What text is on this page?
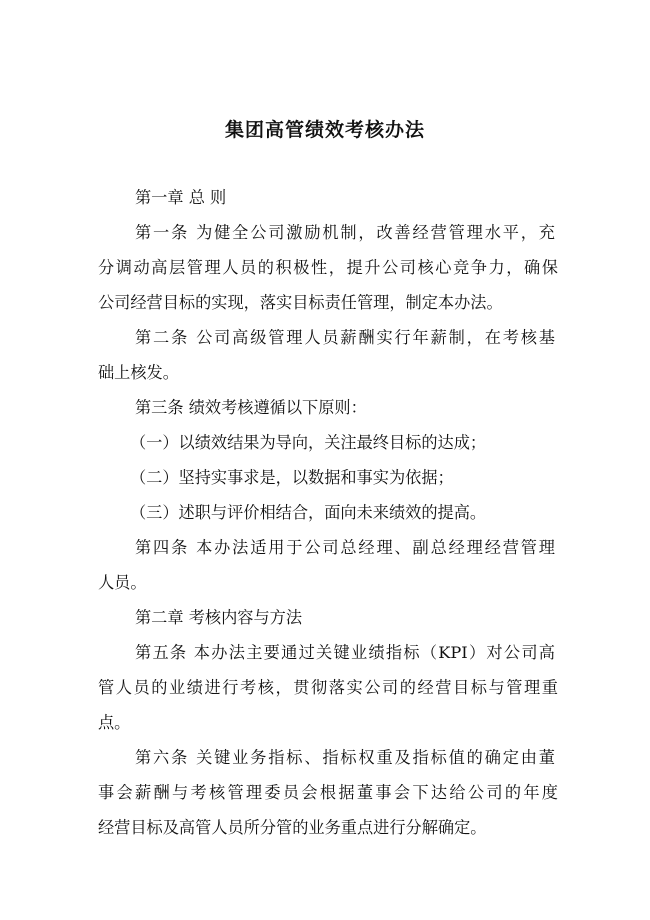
集团高管绩效考核办法
第一章 总 则
第一条 为健全公司激励机制，改善经营管理水平，充
分调动高层管理人员的积极性，提升公司核心竞争力，确保
公司经营目标的实现，落实目标责任管理，制定本办法。
第二条 公司高级管理人员薪酬实行年薪制，在考核基
础上核发。
第三条 绩效考核遵循以下原则：
（一）以绩效结果为导向，关注最终目标的达成；
（二）坚持实事求是，以数据和事实为依据；
（三）述职与评价相结合，面向未来绩效的提高。
第四条 本办法适用于公司总经理、副总经理经营管理
人员。
第二章 考核内容与方法
第五条 本办法主要通过关键业绩指标（KPI）对公司高
管人员的业绩进行考核，贯彻落实公司的经营目标与管理重
点。
第六条 关键业务指标、指标权重及指标值的确定由董
事会薪酬与考核管理委员会根据董事会下达给公司的年度
经营目标及高管人员所分管的业务重点进行分解确定。
